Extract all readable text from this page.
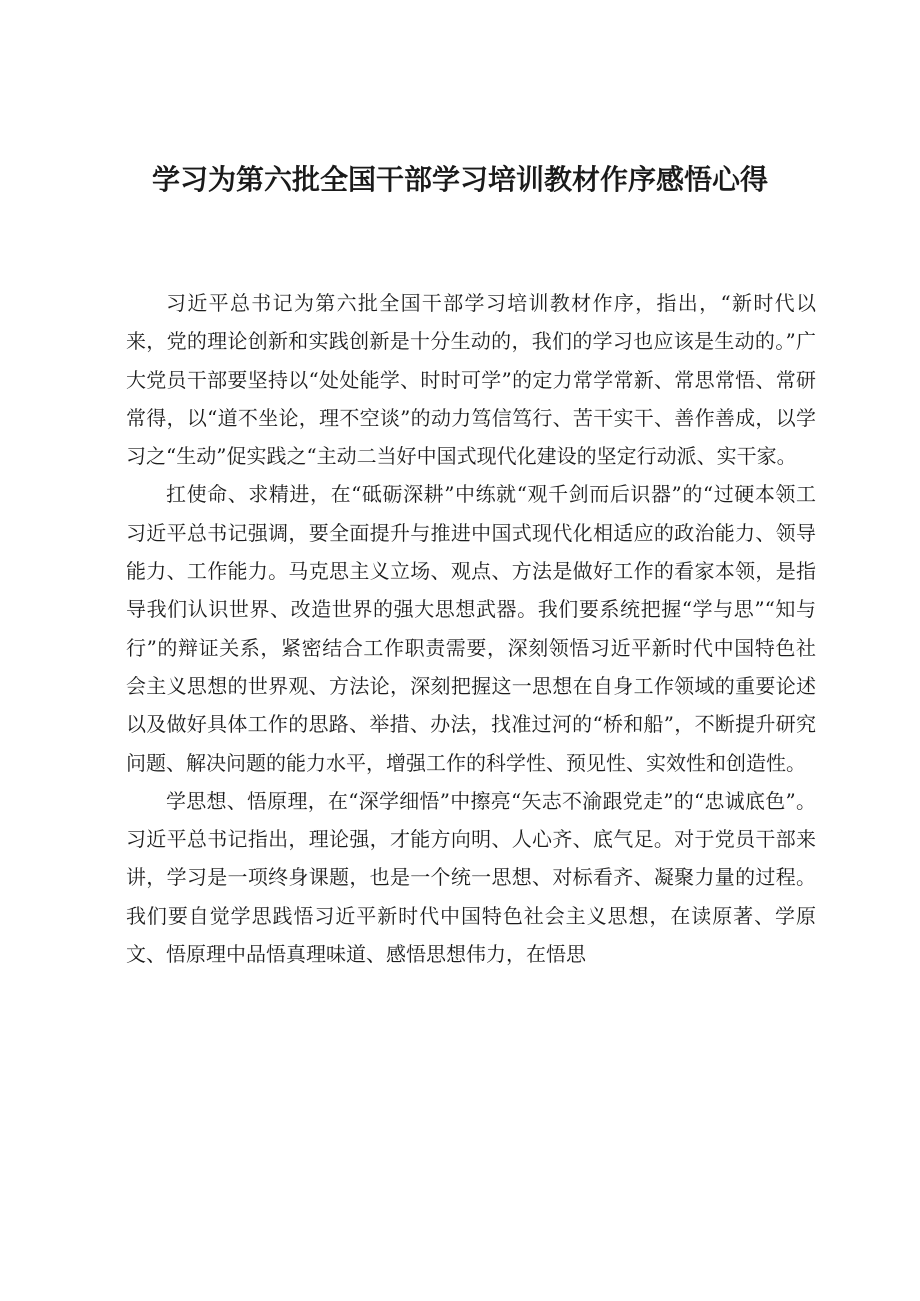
学习为第六批全国干部学习培训教材作序感悟心得

习近平总书记为第六批全国干部学习培训教材作序，指出，“新时代以来，党的理论创新和实践创新是十分生动的，我们的学习也应该是生动的。”广大党员干部要坚持以“处处能学、时时可学”的定力常学常新、常思常悟、常研常得，以“道不坐论，理不空谈”的动力笃信笃行、苦干实干、善作善成，以学习之“生动”促实践之“主动二当好中国式现代化建设的坚定行动派、实干家。

扛使命、求精进，在“砥砺深耕”中练就“观千剑而后识器”的“过硬本领工习近平总书记强调，要全面提升与推进中国式现代化相适应的政治能力、领导能力、工作能力。马克思主义立场、观点、方法是做好工作的看家本领，是指导我们认识世界、改造世界的强大思想武器。我们要系统把握“学与思”“知与行”的辩证关系，紧密结合工作职责需要，深刻领悟习近平新时代中国特色社会主义思想的世界观、方法论，深刻把握这一思想在自身工作领域的重要论述以及做好具体工作的思路、举措、办法，找准过河的“桥和船”，不断提升研究问题、解决问题的能力水平，增强工作的科学性、预见性、实效性和创造性。

学思想、悟原理，在“深学细悟”中擦亮“矢志不渝跟党走”的“忠诚底色”。习近平总书记指出，理论强，才能方向明、人心齐、底气足。对于党员干部来讲，学习是一项终身课题，也是一个统一思想、对标看齐、凝聚力量的过程。我们要自觉学思践悟习近平新时代中国特色社会主义思想，在读原著、学原文、悟原理中品悟真理味道、感悟思想伟力，在悟思
